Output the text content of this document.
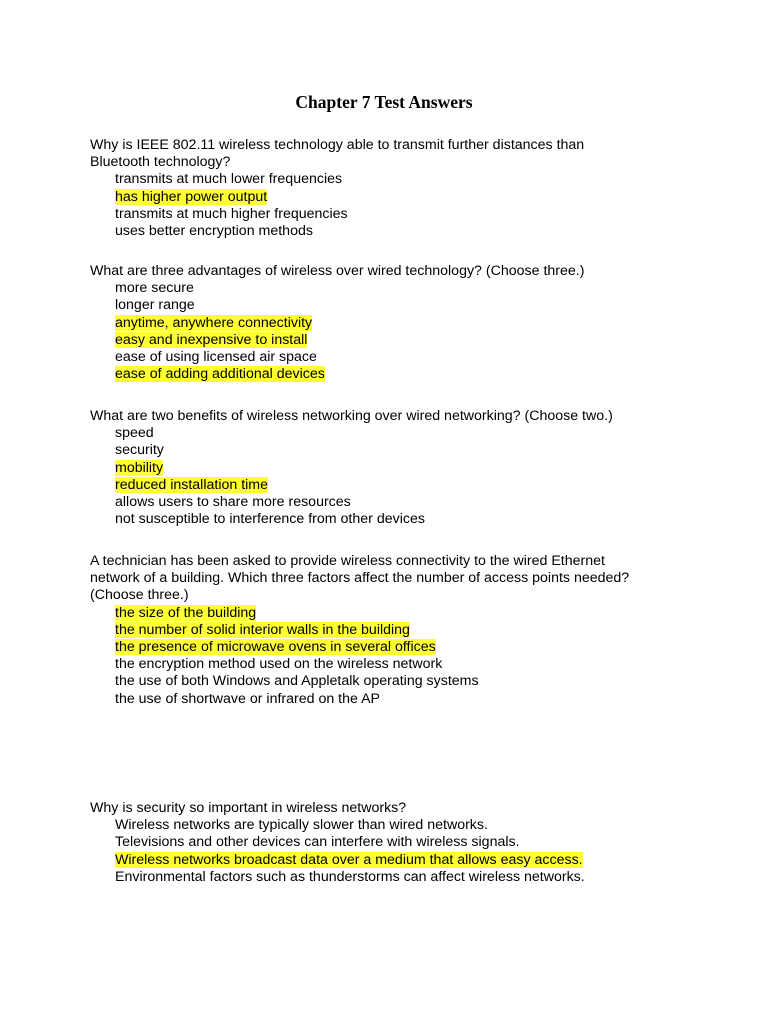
Chapter 7 Test Answers

Why is IEEE 802.11 wireless technology able to transmit further distances than
Bluetooth technology?

transmits at much lower frequencies
has higher power output
transmits at much higher frequencies
uses better encryption methods

What are three advantages of wireless over wired technology? (Choose three.)

more secure
longer range
anytime, anywhere connectivity
easy and inexpensive to install
ease of using licensed air space
ease of adding additional devices

What are two benefits of wireless networking over wired networking? (Choose two.)

speed
security
mobility
reduced installation time
allows users to share more resources
not susceptible to interference from other devices

A technician has been asked to provide wireless connectivity to the wired Ethernet
network of a building. Which three factors affect the number of access points needed?
(Choose three.)

the size of the building
the number of solid interior walls in the building
the presence of microwave ovens in several offices
the encryption method used on the wireless network
the use of both Windows and Appletalk operating systems
the use of shortwave or infrared on the AP

Why is security so important in wireless networks?

Wireless networks are typically slower than wired networks.
Televisions and other devices can interfere with wireless signals.
Wireless networks broadcast data over a medium that allows easy access.
Environmental factors such as thunderstorms can affect wireless networks.
